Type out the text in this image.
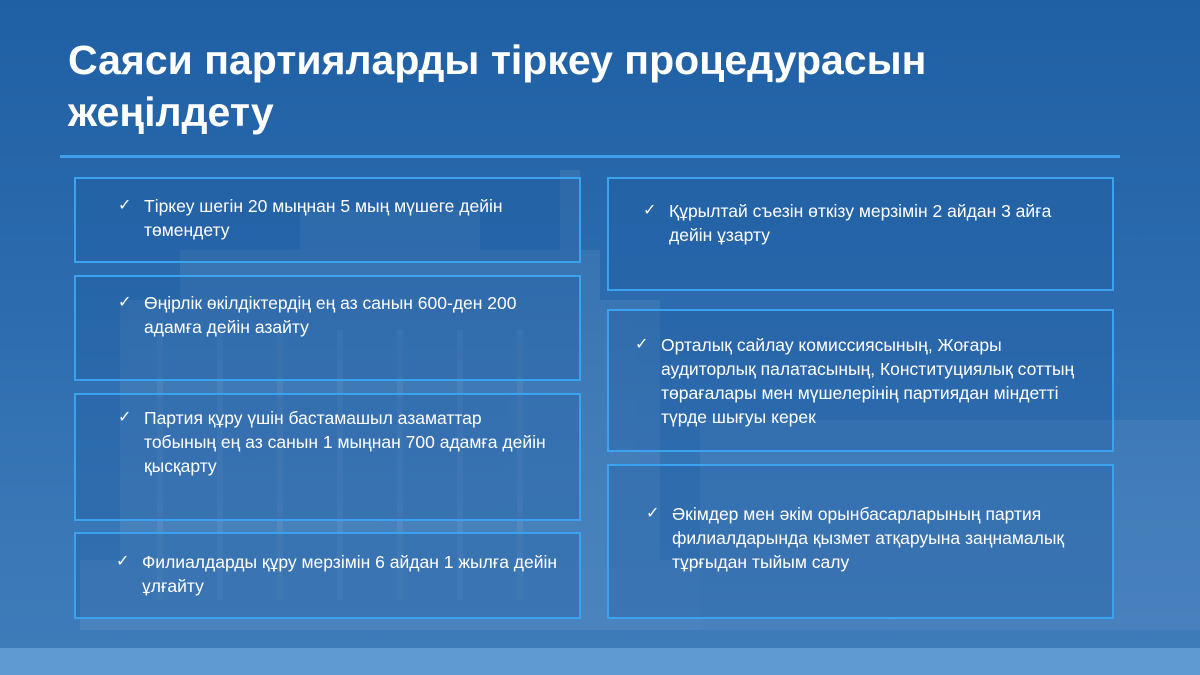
Саяси партияларды тіркеу процедурасын жеңілдету
✓ Тіркеу шегін 20 мыңнан 5 мың мүшеге дейін төмендету
✓ Өңірлік өкілдіктердің ең аз санын 600-ден 200 адамға дейін азайту
✓ Партия құру үшін бастамашыл азаматтар тобының ең аз санын 1 мыңнан 700 адамға дейін қысқарту
✓ Филиалдарды құру мерзімін 6 айдан 1 жылға дейін ұлғайту
✓ Құрылтай съезін өткізу мерзімін 2 айдан 3 айға дейін ұзарту
✓ Орталық сайлау комиссиясының, Жоғары аудиторлық палатасының, Конституциялық соттың төрағалары мен мүшелерінің партиядан міндетті түрде шығуы керек
✓ Әкімдер мен әкім орынбасарларының партия филиалдарында қызмет атқаруына заңнамалық тұрғыдан тыйым салу
